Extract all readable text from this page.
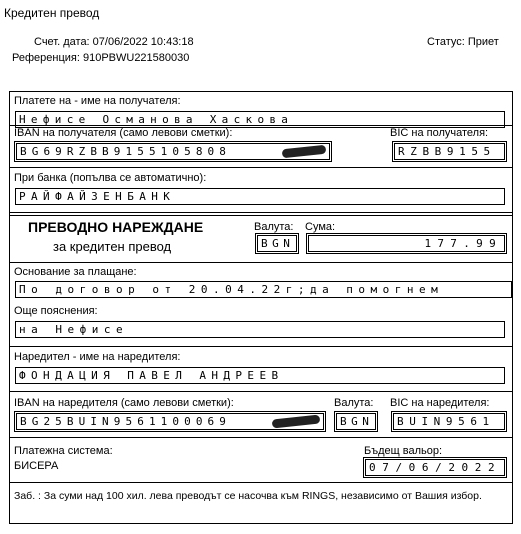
Кредитен превод
Счет. дата: 07/06/2022 10:43:18	Статус: Приет
Референция: 910PBWU221580030
Платете на - име на получателя:
Нефисе Османова Хаскова
IBAN на получателя (само левови сметки):	BIC на получателя:
BG69RZBB9155105808	RZBB9155
При банка (попълва се автоматично):
РАЙФАЙЗЕНБАНК
ПРЕВОДНО НАРЕЖДАНЕ
за кредитен превод
Валута: Сума:
BGN	177.99
Основание за плащане:
По договор от 20.04.22г;да помогнем
Още пояснения:
на Нефисе
Наредител - име на наредителя:
ФОНДАЦИЯ ПАВЕЛ АНДРЕЕВ
IBAN на наредителя (само левови сметки):	Валута: BIC на наредителя:
BG25BUIN9561100069	BGN	BUIN9561
Платежна система:
БИСЕРА
Бъдещ вальор:
07/06/2022
Заб. : За суми над 100 хил. лева преводът се насочва към RINGS, независимо от Вашия избор.
